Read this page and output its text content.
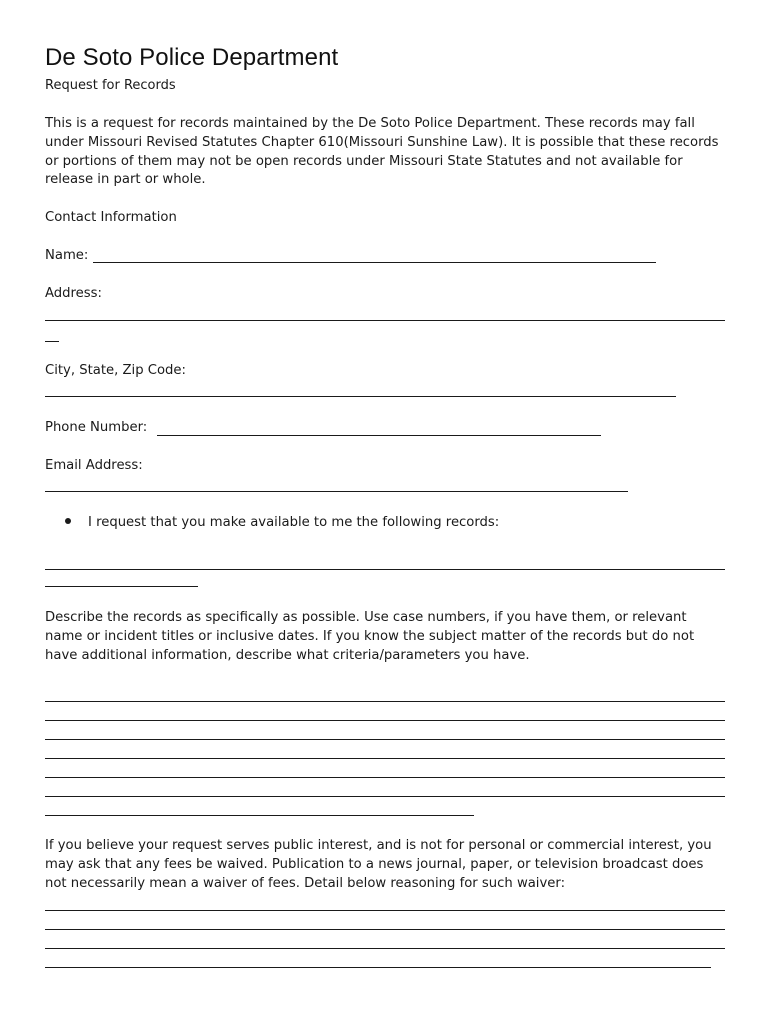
De Soto Police Department
Request for Records

This is a request for records maintained by the De Soto Police Department. These records may fall under Missouri Revised Statutes Chapter 610(Missouri Sunshine Law). It is possible that these records or portions of them may not be open records under Missouri State Statutes and not available for release in part or whole.

Contact Information
Name:
Address:
City, State, Zip Code:
Phone Number:
Email Address:
I request that you make available to me the following records:

Describe the records as specifically as possible. Use case numbers, if you have them, or relevant name or incident titles or inclusive dates. If you know the subject matter of the records but do not have additional information, describe what criteria/parameters you have.

If you believe your request serves public interest, and is not for personal or commercial interest, you may ask that any fees be waived. Publication to a news journal, paper, or television broadcast does not necessarily mean a waiver of fees. Detail below reasoning for such waiver:
